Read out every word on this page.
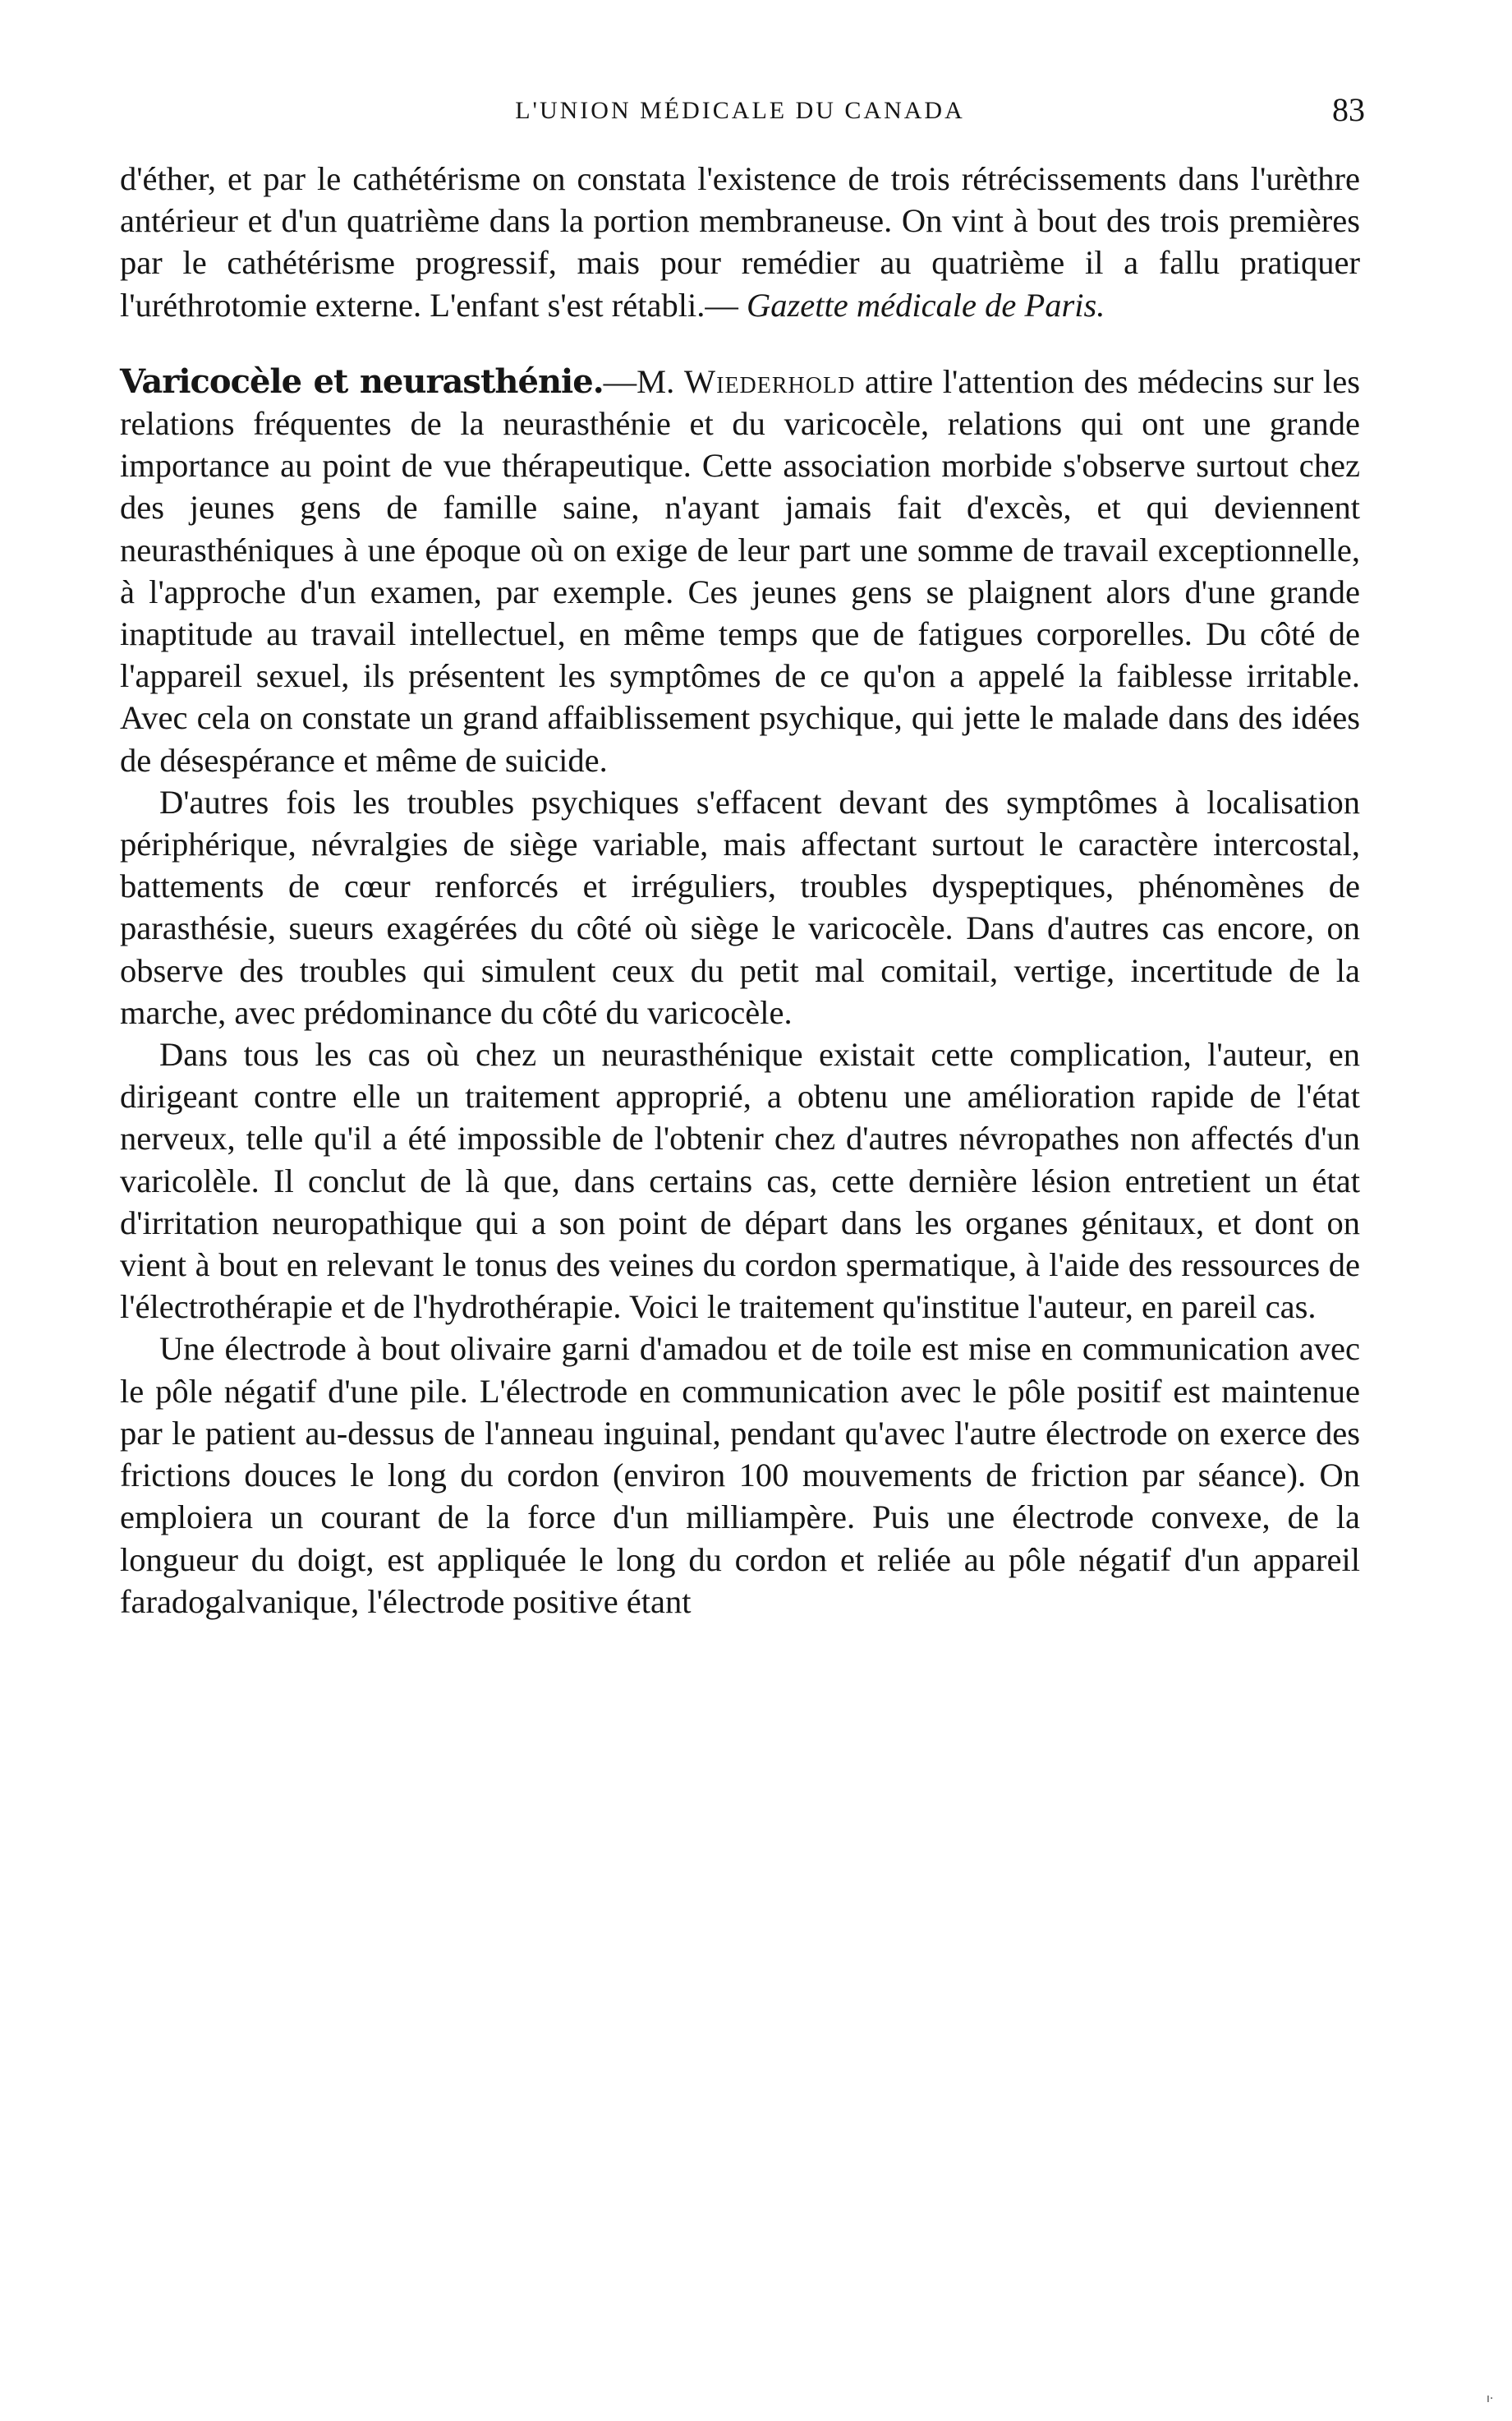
L'UNION MÉDICALE DU CANADA	83

d'éther, et par le cathétérisme on constata l'existence de trois rétrécissements dans l'urèthre antérieur et d'un quatrième dans la portion membraneuse. On vint à bout des trois premières par le cathétérisme progressif, mais pour remédier au quatrième il a fallu pratiquer l'uréthrotomie externe. L'enfant s'est rétabli.— Gazette médicale de Paris.

Varicocèle et neurasthénie.—M. Wiederhold attire l'attention des médecins sur les relations fréquentes de la neurasthénie et du varicocèle, relations qui ont une grande importance au point de vue thérapeutique. Cette association morbide s'observe surtout chez des jeunes gens de famille saine, n'ayant jamais fait d'excès, et qui deviennent neurasthéniques à une époque où on exige de leur part une somme de travail exceptionnelle, à l'approche d'un examen, par exemple. Ces jeunes gens se plaignent alors d'une grande inaptitude au travail intellectuel, en même temps que de fatigues corporelles. Du côté de l'appareil sexuel, ils présentent les symptômes de ce qu'on a appelé la faiblesse irritable. Avec cela on constate un grand affaiblissement psychique, qui jette le malade dans des idées de désespérance et même de suicide.

D'autres fois les troubles psychiques s'effacent devant des symptômes à localisation périphérique, névralgies de siège variable, mais affectant surtout le caractère intercostal, battements de cœur renforcés et irréguliers, troubles dyspeptiques, phénomènes de parasthésie, sueurs exagérées du côté où siège le varicocèle. Dans d'autres cas encore, on observe des troubles qui simulent ceux du petit mal comitail, vertige, incertitude de la marche, avec prédominance du côté du varicocèle.

Dans tous les cas où chez un neurasthénique existait cette complication, l'auteur, en dirigeant contre elle un traitement approprié, a obtenu une amélioration rapide de l'état nerveux, telle qu'il a été impossible de l'obtenir chez d'autres névropathes non affectés d'un varicolèle. Il conclut de là que, dans certains cas, cette dernière lésion entretient un état d'irritation neuropathique qui a son point de départ dans les organes génitaux, et dont on vient à bout en relevant le tonus des veines du cordon spermatique, à l'aide des ressources de l'électrothérapie et de l'hydrothérapie. Voici le traitement qu'institue l'auteur, en pareil cas.

Une électrode à bout olivaire garni d'amadou et de toile est mise en communication avec le pôle négatif d'une pile. L'électrode en communication avec le pôle positif est maintenue par le patient au-dessus de l'anneau inguinal, pendant qu'avec l'autre électrode on exerce des frictions douces le long du cordon (environ 100 mouvements de friction par séance). On emploiera un courant de la force d'un milliampère. Puis une électrode convexe, de la longueur du doigt, est appliquée le long du cordon et reliée au pôle négatif d'un appareil faradogalvanique, l'électrode positive étant

ı·
